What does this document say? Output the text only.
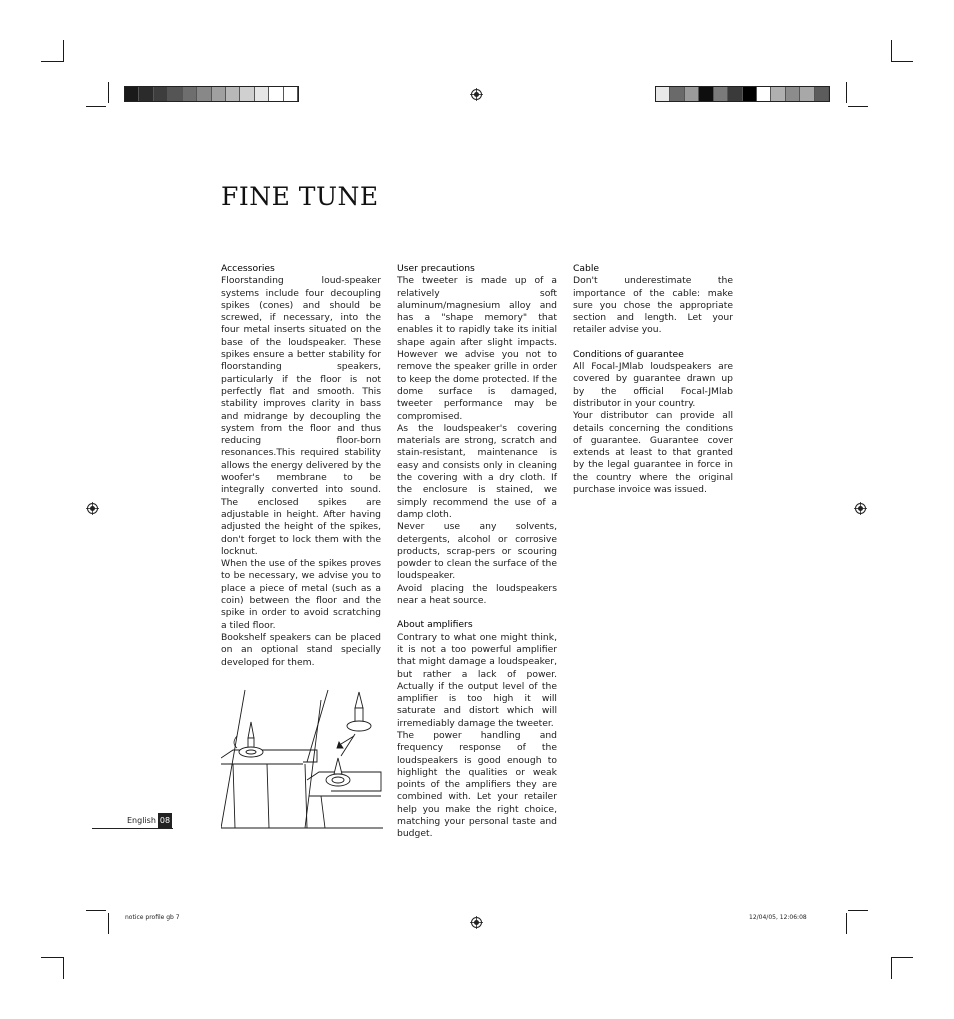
FINE TUNE
Accessories

Floorstanding loud-speaker systems include four decoupling spikes (cones) and should be screwed, if necessary, into the four metal inserts situated on the base of the loudspeaker. These spikes ensure a better stability for floorstanding speakers, particularly if the floor is not perfectly flat and smooth. This stability improves clarity in bass and midrange by decoupling the system from the floor and thus reducing floor-born resonances.This required stability allows the energy delivered by the woofer's membrane to be integrally converted into sound. The enclosed spikes are adjustable in height. After having adjusted the height of the spikes, don't forget to lock them with the locknut.

When the use of the spikes proves to be necessary, we advise you to place a piece of metal (such as a coin) between the floor and the spike in order to avoid scratching a tiled floor.

Bookshelf speakers can be placed on an optional stand specially developed for them.

User precautions

The tweeter is made up of a relatively soft aluminum/magnesium alloy and has a "shape memory" that enables it to rapidly take its initial shape again after slight impacts. However we advise you not to remove the speaker grille in order to keep the dome protected. If the dome surface is damaged, tweeter performance may be compromised.

As the loudspeaker's covering materials are strong, scratch and stain-resistant, maintenance is easy and consists only in cleaning the covering with a dry cloth. If the enclosure is stained, we simply recommend the use of a damp cloth.

Never use any solvents, detergents, alcohol or corrosive products, scrap-pers or scouring powder to clean the surface of the loudspeaker.

Avoid placing the loudspeakers near a heat source.

About amplifiers

Contrary to what one might think, it is not a too powerful amplifier that might damage a loudspeaker, but rather a lack of power. Actually if the output level of the amplifier is too high it will saturate and distort which will irremediably damage the tweeter.

The power handling and frequency response of the loudspeakers is good enough to highlight the qualities or weak points of the amplifiers they are combined with. Let your retailer help you make the right choice, matching your personal taste and budget.

Cable

Don't underestimate the importance of the cable: make sure you chose the appropriate section and length. Let your retailer advise you.

Conditions of guarantee

All Focal-JMlab loudspeakers are covered by guarantee drawn up by the official Focal-JMlab distributor in your country.

Your distributor can provide all details concerning the conditions of guarantee. Guarantee cover extends at least to that granted by the legal guarantee in force in the country where the original purchase invoice was issued.

English 08
notice profile gb 7	12/04/05, 12:06:08
